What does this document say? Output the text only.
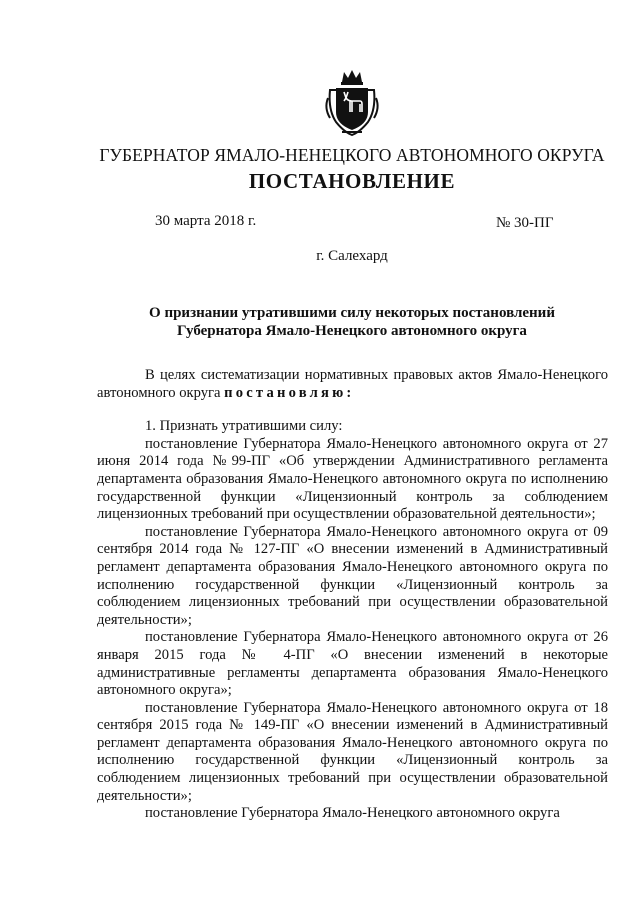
ГУБЕРНАТОР ЯМАЛО-НЕНЕЦКОГО АВТОНОМНОГО ОКРУГА
ПОСТАНОВЛЕНИЕ
30 марта 2018 г.	№ 30-ПГ
г. Салехард
О признании утратившими силу некоторых постановлений
Губернатора Ямало-Ненецкого автономного округа

В целях систематизации нормативных правовых актов Ямало-Ненецкого автономного округа постановляю:

1. Признать утратившими силу:

постановление Губернатора Ямало-Ненецкого автономного округа от 27 июня 2014 года №99-ПГ «Об утверждении Административного регламента департамента образования Ямало-Ненецкого автономного округа по исполнению государственной функции «Лицензионный контроль за соблюдением лицензионных требований при осуществлении образовательной деятельности»;

постановление Губернатора Ямало-Ненецкого автономного округа от 09 сентября 2014 года № 127-ПГ «О внесении изменений в Административный регламент департамента образования Ямало-Ненецкого автономного округа по исполнению государственной функции «Лицензионный контроль за соблюдением лицензионных требований при осуществлении образовательной деятельности»;

постановление Губернатора Ямало-Ненецкого автономного округа от 26 января 2015 года № 4-ПГ «О внесении изменений в некоторые административные регламенты департамента образования Ямало-Ненецкого автономного округа»;

постановление Губернатора Ямало-Ненецкого автономного округа от 18 сентября 2015 года № 149-ПГ «О внесении изменений в Административный регламент департамента образования Ямало-Ненецкого автономного округа по исполнению государственной функции «Лицензионный контроль за соблюдением лицензионных требований при осуществлении образовательной деятельности»;

постановление Губернатора Ямало-Ненецкого автономного округа
